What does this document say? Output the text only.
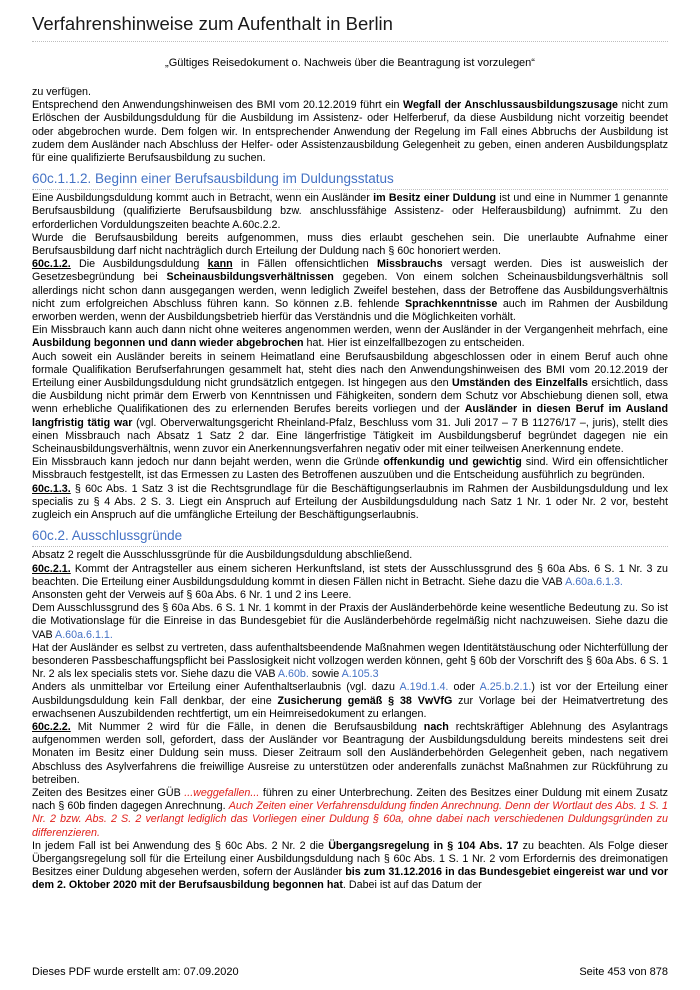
Verfahrenshinweise zum Aufenthalt in Berlin
„Gültiges Reisedokument o. Nachweis über die Beantragung ist vorzulegen“

zu verfügen.
Entsprechend den Anwendungshinweisen des BMI vom 20.12.2019 führt ein Wegfall der Anschlussausbildungszusage nicht zum Erlöschen der Ausbildungsduldung für die Ausbildung im Assistenz- oder Helferberuf, da diese Ausbildung nicht vorzeitig beendet oder abgebrochen wurde. Dem folgen wir. In entsprechender Anwendung der Regelung im Fall eines Abbruchs der Ausbildung ist zudem dem Ausländer nach Abschluss der Helfer- oder Assistenzausbildung Gelegenheit zu geben, einen anderen Ausbildungsplatz für eine qualifizierte Berufsausbildung zu suchen.

60c.1.1.2. Beginn einer Berufsausbildung im Duldungsstatus

Eine Ausbildungsduldung kommt auch in Betracht, wenn ein Ausländer im Besitz einer Duldung ist und eine in Nummer 1 genannte Berufsausbildung (qualifizierte Berufsausbildung bzw. anschlussfähige Assistenz- oder Helferausbildung) aufnimmt. Zu den erforderlichen Vorduldungszeiten beachte A.60c.2.2.

Wurde die Berufsausbildung bereits aufgenommen, muss dies erlaubt geschehen sein. Die unerlaubte Aufnahme einer Berufsausbildung darf nicht nachträglich durch Erteilung der Duldung nach § 60c honoriert werden.

60c.1.2. Die Ausbildungsduldung kann in Fällen offensichtlichen Missbrauchs versagt werden. Dies ist ausweislich der Gesetzesbegründung bei Scheinausbildungsverhältnissen gegeben. Von einem solchen Scheinausbildungsverhältnis soll allerdings nicht schon dann ausgegangen werden, wenn lediglich Zweifel bestehen, dass der Betroffene das Ausbildungsverhältnis nicht zum erfolgreichen Abschluss führen kann. So können z.B. fehlende Sprachkenntnisse auch im Rahmen der Ausbildung erworben werden, wenn der Ausbildungsbetrieb hierfür das Verständnis und die Möglichkeiten vorhält.

Ein Missbrauch kann auch dann nicht ohne weiteres angenommen werden, wenn der Ausländer in der Vergangenheit mehrfach, eine Ausbildung begonnen und dann wieder abgebrochen hat. Hier ist einzelfallbezogen zu entscheiden.

Auch soweit ein Ausländer bereits in seinem Heimatland eine Berufsausbildung abgeschlossen oder in einem Beruf auch ohne formale Qualifikation Berufserfahrungen gesammelt hat, steht dies nach den Anwendungshinweisen des BMI vom 20.12.2019 der Erteilung einer Ausbildungsduldung nicht grundsätzlich entgegen. Ist hingegen aus den Umständen des Einzelfalls ersichtlich, dass die Ausbildung nicht primär dem Erwerb von Kenntnissen und Fähigkeiten, sondern dem Schutz vor Abschiebung dienen soll, etwa wenn erhebliche Qualifikationen des zu erlernenden Berufes bereits vorliegen und der Ausländer in diesen Beruf im Ausland langfristig tätig war (vgl. Oberverwaltungsgericht Rheinland-Pfalz, Beschluss vom 31. Juli 2017 – 7 B 11276/17 –, juris), stellt dies einen Missbrauch nach Absatz 1 Satz 2 dar. Eine längerfristige Tätigkeit im Ausbildungsberuf begründet dagegen nie ein Scheinausbildungsverhältnis, wenn zuvor ein Anerkennungsverfahren negativ oder mit einer teilweisen Anerkennung endete.

Ein Missbrauch kann jedoch nur dann bejaht werden, wenn die Gründe offenkundig und gewichtig sind. Wird ein offensichtlicher Missbrauch festgestellt, ist das Ermessen zu Lasten des Betroffenen auszuüben und die Entscheidung ausführlich zu begründen.

60c.1.3. § 60c Abs. 1 Satz 3 ist die Rechtsgrundlage für die Beschäftigungserlaubnis im Rahmen der Ausbildungsduldung und lex specialis zu § 4 Abs. 2 S. 3. Liegt ein Anspruch auf Erteilung der Ausbildungsduldung nach Satz 1 Nr. 1 oder Nr. 2 vor, besteht zugleich ein Anspruch auf die umfängliche Erteilung der Beschäftigungserlaubnis.

60c.2. Ausschlussgründe

Absatz 2 regelt die Ausschlussgründe für die Ausbildungsduldung abschließend.

60c.2.1. Kommt der Antragsteller aus einem sicheren Herkunftsland, ist stets der Ausschlussgrund des § 60a Abs. 6 S. 1 Nr. 3 zu beachten. Die Erteilung einer Ausbildungsduldung kommt in diesen Fällen nicht in Betracht. Siehe dazu die VAB A.60a.6.1.3.

Ansonsten geht der Verweis auf § 60a Abs. 6 Nr. 1 und 2 ins Leere.

Dem Ausschlussgrund des § 60a Abs. 6 S. 1 Nr. 1 kommt in der Praxis der Ausländerbehörde keine wesentliche Bedeutung zu. So ist die Motivationslage für die Einreise in das Bundesgebiet für die Ausländerbehörde regelmäßig nicht nachzuweisen. Siehe dazu die VAB A.60a.6.1.1.

Hat der Ausländer es selbst zu vertreten, dass aufenthaltsbeendende Maßnahmen wegen Identitätstäuschung oder Nichterfüllung der besonderen Passbeschaffungspflicht bei Passlosigkeit nicht vollzogen werden können, geht § 60b der Vorschrift des § 60a Abs. 6 S. 1 Nr. 2 als lex specialis stets vor. Siehe dazu die VAB A.60b. sowie A.105.3

Anders als unmittelbar vor Erteilung einer Aufenthaltserlaubnis (vgl. dazu A.19d.1.4. oder A.25.b.2.1.) ist vor der Erteilung einer Ausbildungsduldung kein Fall denkbar, der eine Zusicherung gemäß § 38 VwVfG zur Vorlage bei der Heimatvertretung des erwachsenen Auszubildenden rechtfertigt, um ein Heimreisedokument zu erlangen.

60c.2.2. Mit Nummer 2 wird für die Fälle, in denen die Berufsausbildung nach rechtskräftiger Ablehnung des Asylantrags aufgenommen werden soll, gefordert, dass der Ausländer vor Beantragung der Ausbildungsduldung bereits mindestens seit drei Monaten im Besitz einer Duldung sein muss. Dieser Zeitraum soll den Ausländerbehörden Gelegenheit geben, nach negativem Abschluss des Asylverfahrens die freiwillige Ausreise zu unterstützen oder anderenfalls zunächst Maßnahmen zur Rückführung zu betreiben.

Zeiten des Besitzes einer GÜB ...weggefallen... führen zu einer Unterbrechung. Zeiten des Besitzes einer Duldung mit einem Zusatz nach § 60b finden dagegen Anrechnung. Auch Zeiten einer Verfahrensduldung finden Anrechnung. Denn der Wortlaut des Abs. 1 S. 1 Nr. 2 bzw. Abs. 2 S. 2 verlangt lediglich das Vorliegen einer Duldung § 60a, ohne dabei nach verschiedenen Duldungsgründen zu differenzieren.

In jedem Fall ist bei Anwendung des § 60c Abs. 2 Nr. 2 die Übergangsregelung in § 104 Abs. 17 zu beachten. Als Folge dieser Übergangsregelung soll für die Erteilung einer Ausbildungsduldung nach § 60c Abs. 1 S. 1 Nr. 2 vom Erfordernis des dreimonatigen Besitzes einer Duldung abgesehen werden, sofern der Ausländer bis zum 31.12.2016 in das Bundesgebiet eingereist war und vor dem 2. Oktober 2020 mit der Berufsausbildung begonnen hat. Dabei ist auf das Datum der

Dieses PDF wurde erstellt am: 07.09.2020	Seite 453 von 878
